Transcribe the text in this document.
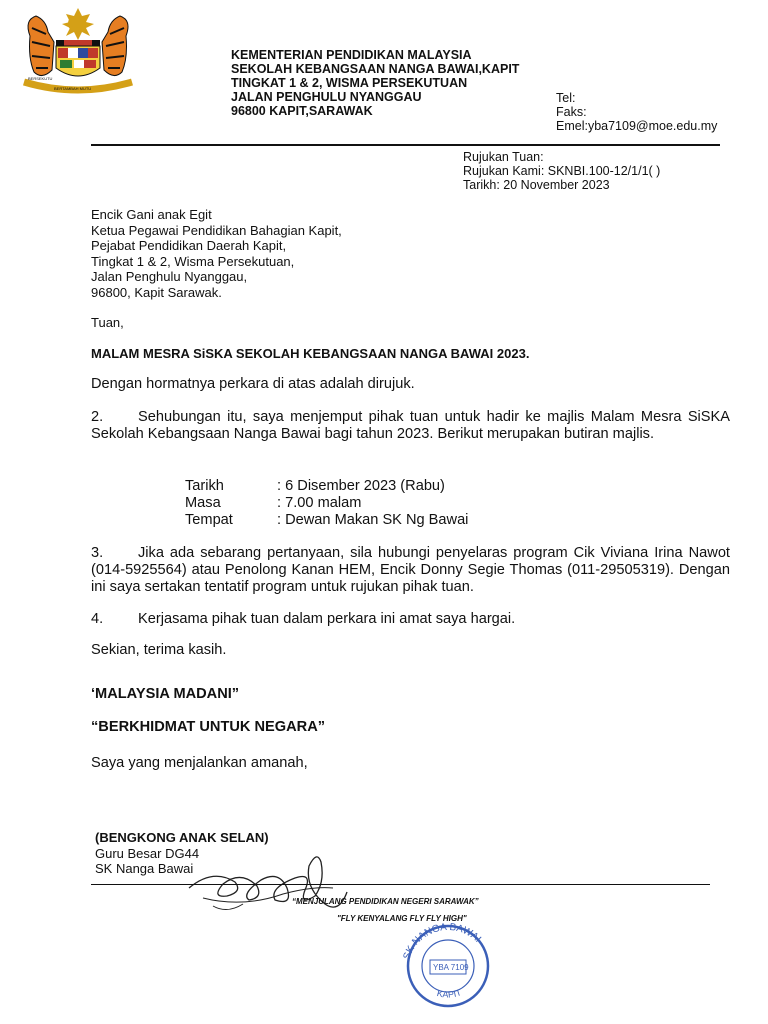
BERSEKUTU
BERTAMBAH MUTU
KEMENTERIAN PENDIDIKAN MALAYSIA
SEKOLAH KEBANGSAAN NANGA BAWAI,KAPIT
TINGKAT 1 & 2, WISMA PERSEKUTUAN
JALAN PENGHULU NYANGGAU
96800 KAPIT,SARAWAK
Tel:
Faks:
Emel:yba7109@moe.edu.my
Rujukan Tuan:
Rujukan Kami: SKNBI.100-12/1/1( )
Tarikh: 20 November 2023
Encik Gani anak Egit
Ketua Pegawai Pendidikan Bahagian Kapit,
Pejabat Pendidikan Daerah Kapit,
Tingkat 1 & 2, Wisma Persekutuan,
Jalan Penghulu Nyanggau,
96800, Kapit Sarawak.
Tuan,
MALAM MESRA SiSKA SEKOLAH KEBANGSAAN NANGA BAWAI 2023.
Dengan hormatnya perkara di atas adalah dirujuk.
2. Sehubungan itu, saya menjemput pihak tuan untuk hadir ke majlis Malam Mesra SiSKA Sekolah Kebangsaan Nanga Bawai bagi tahun 2023. Berikut merupakan butiran majlis.
Tarikh	: 6 Disember 2023 (Rabu)
Masa	: 7.00 malam
Tempat	: Dewan Makan SK Ng Bawai
3. Jika ada sebarang pertanyaan, sila hubungi penyelaras program Cik Viviana Irina Nawot (014-5925564) atau Penolong Kanan HEM, Encik Donny Segie Thomas (011-29505319). Dengan ini saya sertakan tentatif program untuk rujukan pihak tuan.
4. Kerjasama pihak tuan dalam perkara ini amat saya hargai.
Sekian, terima kasih.
‘MALAYSIA MADANI”
“BERKHIDMAT UNTUK NEGARA”
Saya yang menjalankan amanah,
(BENGKONG ANAK SELAN)
Guru Besar DG44
SK Nanga Bawai
“MENJULANG PENDIDIKAN NEGERI SARAWAK”
"FLY KENYALANG FLY FLY HIGH"
SK NANGA BAWAI
KAPIT
YBA 7109
